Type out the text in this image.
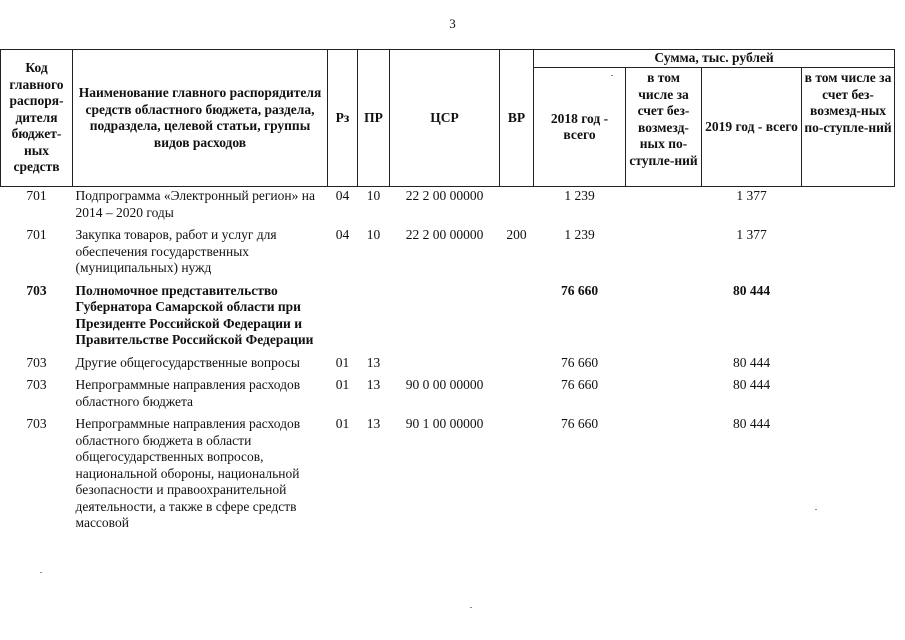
3
Код главного распоря-дителя бюджет-ных средств	Наименование главного распорядителя средств областного бюджета, раздела, подраздела, целевой статьи, группы видов расходов	Рз	ПР	ЦСР	ВР	Сумма, тыс. рублей			
						2018 год - всего	в том числе за счет без-возмезд-ных по-ступле-ний	2019 год - всего	в том числе за счет без-возмезд-ных по-ступле-ний
701	Подпрограмма «Электронный регион» на 2014 – 2020 годы	04	10	22 2 00 00000		1 239		1 377	
701	Закупка товаров, работ и услуг для обеспечения государственных (муниципальных) нужд	04	10	22 2 00 00000	200	1 239		1 377	
703	Полномочное представительство Губернатора Самарской области при Президенте Российской Федерации и Правительстве Российской Федерации					76 660		80 444	
703	Другие общегосударственные вопросы	01	13			76 660		80 444	
703	Непрограммные направления расходов областного бюджета	01	13	90 0 00 00000		76 660		80 444	
703	Непрограммные направления расходов областного бюджета в области общегосударственных вопросов, национальной обороны, национальной безопасности и правоохранительной деятельности, а также в сфере средств массовой	01	13	90 1 00 00000		76 660		80 444	
